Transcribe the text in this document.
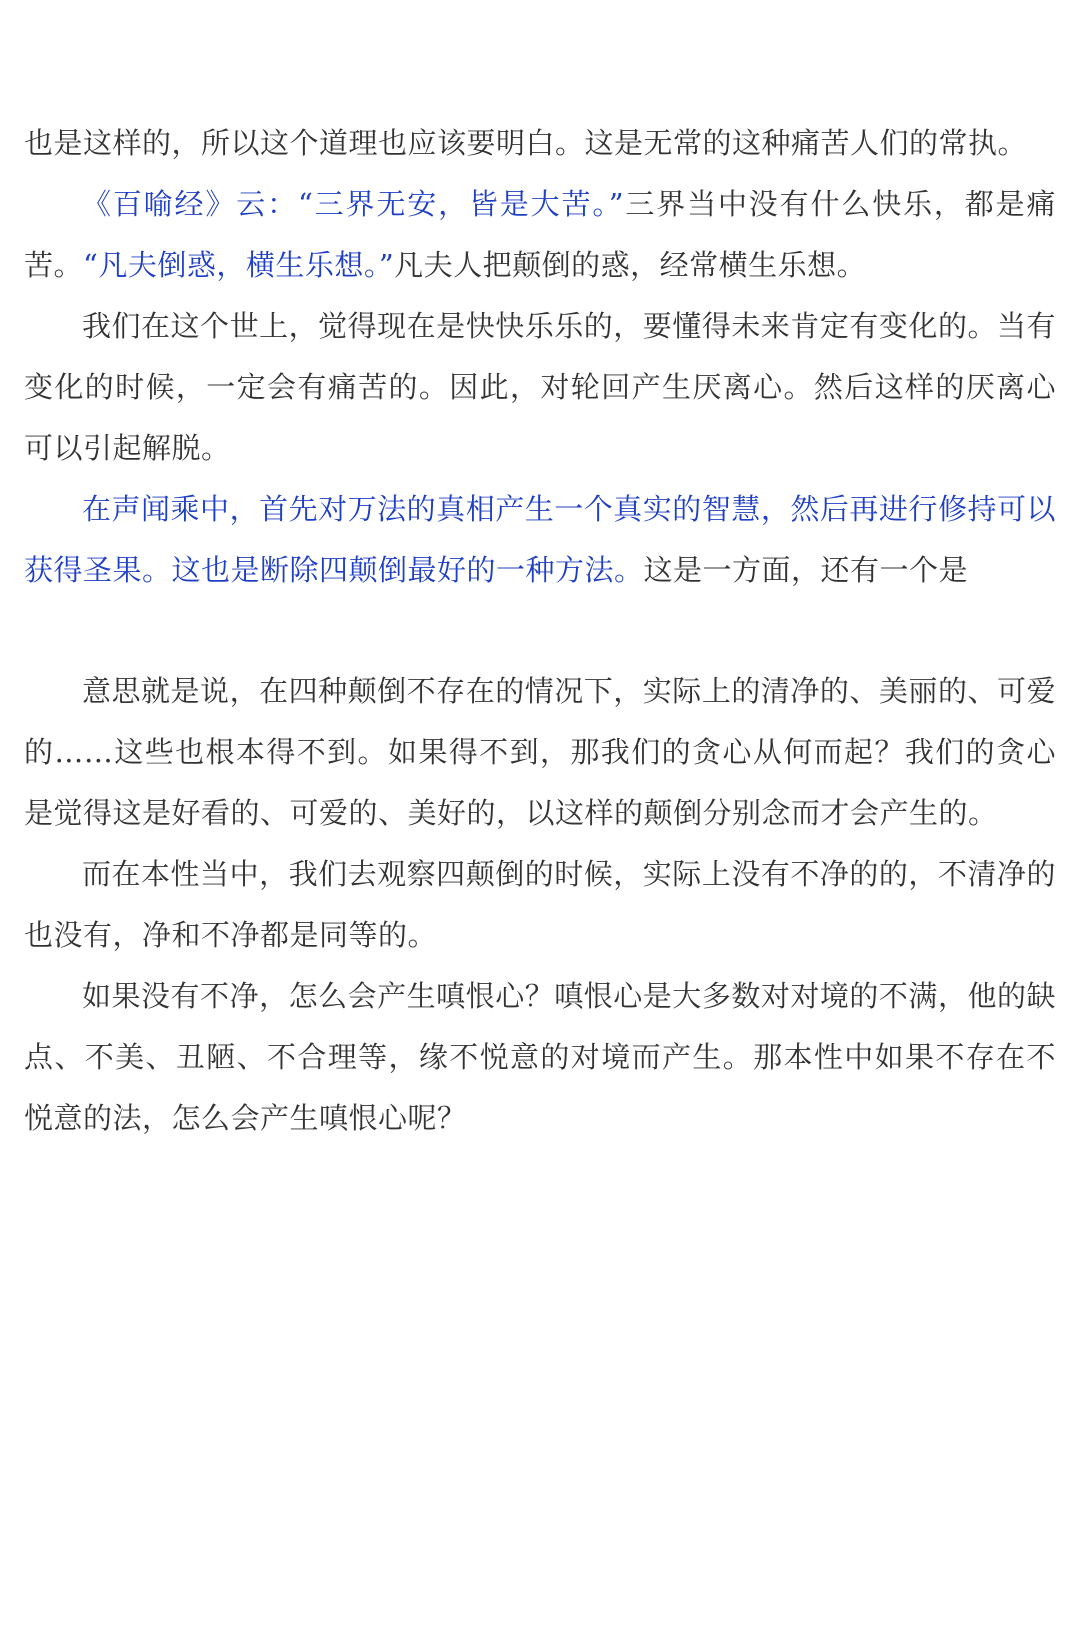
也是这样的，所以这个道理也应该要明白。这是无常的这种痛苦人们的常执。

《百喻经》云：“三界无安，皆是大苦。”三界当中没有什么快乐，都是痛苦。“凡夫倒惑，横生乐想。”凡夫人把颠倒的惑，经常横生乐想。

我们在这个世上，觉得现在是快快乐乐的，要懂得未来肯定有变化的。当有变化的时候，一定会有痛苦的。因此，对轮回产生厌离心。然后这样的厌离心可以引起解脱。

在声闻乘中，首先对万法的真相产生一个真实的智慧，然后再进行修持可以获得圣果。这也是断除四颠倒最好的一种方法。这是一方面，还有一个是

意思就是说，在四种颠倒不存在的情况下，实际上的清净的、美丽的、可爱的……这些也根本得不到。如果得不到，那我们的贪心从何而起？我们的贪心是觉得这是好看的、可爱的、美好的，以这样的颠倒分别念而才会产生的。

而在本性当中，我们去观察四颠倒的时候，实际上没有不净的的，不清净的也没有，净和不净都是同等的。

如果没有不净，怎么会产生嗔恨心？嗔恨心是大多数对对境的不满，他的缺点、不美、丑陋、不合理等，缘不悦意的对境而产生。那本性中如果不存在不悦意的法，怎么会产生嗔恨心呢？
